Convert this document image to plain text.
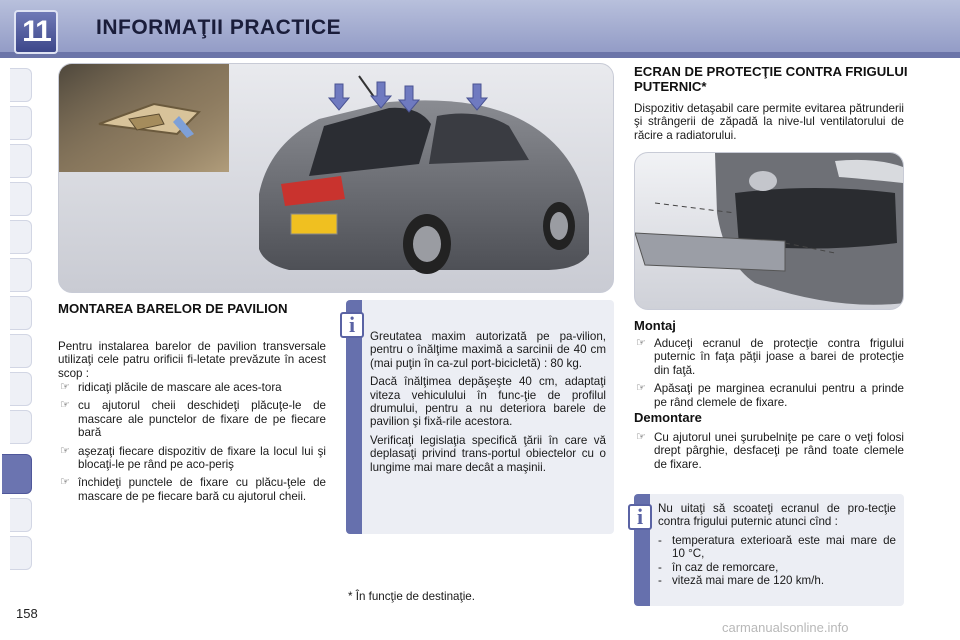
11	INFORMAŢII PRACTICE
MONTAREA BARELOR DE PAVILION
Pentru instalarea barelor de pavilion transversale utilizaţi cele patru orificii fi-letate prevăzute în acest scop :
☞ ridicaţi plăcile de mascare ale aces-tora
☞ cu ajutorul cheii deschideţi plăcuţe-le de mascare ale punctelor de fixare de pe fiecare bară
☞ aşezaţi fiecare dispozitiv de fixare la locul lui şi blocaţi-le pe rând pe aco-periş
☞ închideţi punctele de fixare cu plăcu-ţele de mascare de pe fiecare bară cu ajutorul cheii.

Greutatea maxim autorizată pe pa-vilion, pentru o înălţime maximă a sarcinii de 40 cm (mai puţin în ca-zul port-bicicletă) : 80 kg.

Dacă înălţimea depăşeşte 40 cm, adaptaţi viteza vehiculului în func-ţie de profilul drumului, pentru a nu deteriora barele de pavilion şi fixă-rile acestora.

Verificaţi legislaţia specifică ţării în care vă deplasaţi privind trans-portul obiectelor cu o lungime mai mare decât a maşinii.

i
ECRAN DE PROTECŢIE CONTRA FRIGULUI PUTERNIC*
Dispozitiv detaşabil care permite evitarea pătrunderii şi strângerii de zăpadă la nive-lul ventilatorului de răcire a radiatorului.
Montaj
☞ Aduceţi ecranul de protecţie contra frigului puternic în faţa păţii joase a barei de protecţie din faţă.
☞ Apăsaţi pe marginea ecranului pentru a prinde pe rând clemele de fixare.
Demontare
☞ Cu ajutorul unei şurubelniţe pe care o veţi folosi drept pârghie, desfaceţi pe rând toate clemele de fixare.

Nu uitaţi să scoateţi ecranul de pro-tecţie contra frigului puternic atunci cînd :

- temperatura exterioară este mai mare de 10 °C,
- în caz de remorcare,
- viteză mai mare de 120 km/h.
i
* În funcţie de destinaţie.
158
carmanualsonline.info
